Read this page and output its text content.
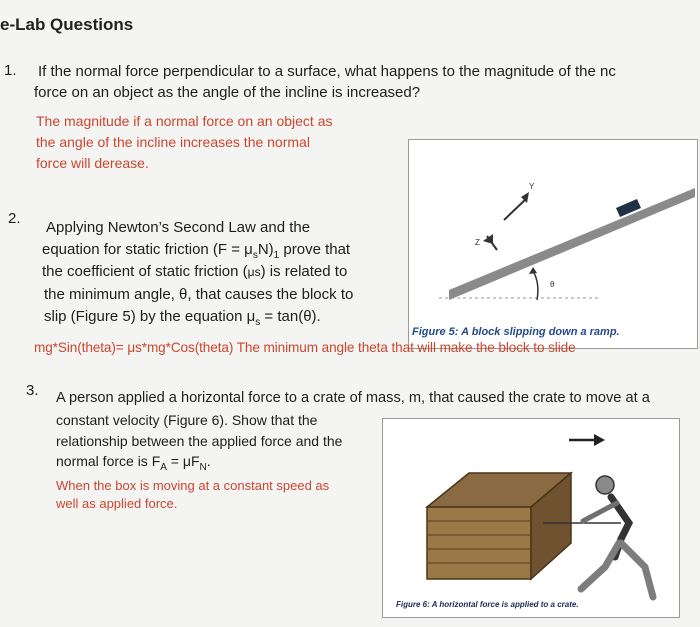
e-Lab Questions
1. If the normal force perpendicular to a surface, what happens to the magnitude of the nc
force on an object as the angle of the incline is increased?
The magnitude if a normal force on an object as
the angle of the incline increases the normal
force will derease.
Y
Z
θ
Figure 5: A block slipping down a ramp.
2.
Applying Newton’s Second Law and the
equation for static friction $(F = \mu_sN)_1$ prove that
the coefficient of static friction (μs) is related to
the minimum angle, θ, that causes the block to
slip (Figure 5) by the equation $\mu_s = \tan(\theta)$.
mg*Sin(theta)= μs*mg*Cos(theta) The minimum angle theta that will make the block to slide
3. A person applied a horizontal force to a crate of mass, m, that caused the crate to move at a
constant velocity (Figure 6). Show that the
relationship between the applied force and the
normal force is $F_A = \mu F_N$.
When the box is moving at a constant speed as
well as applied force.
Figure 6: A horizontal force is applied to a crate.
